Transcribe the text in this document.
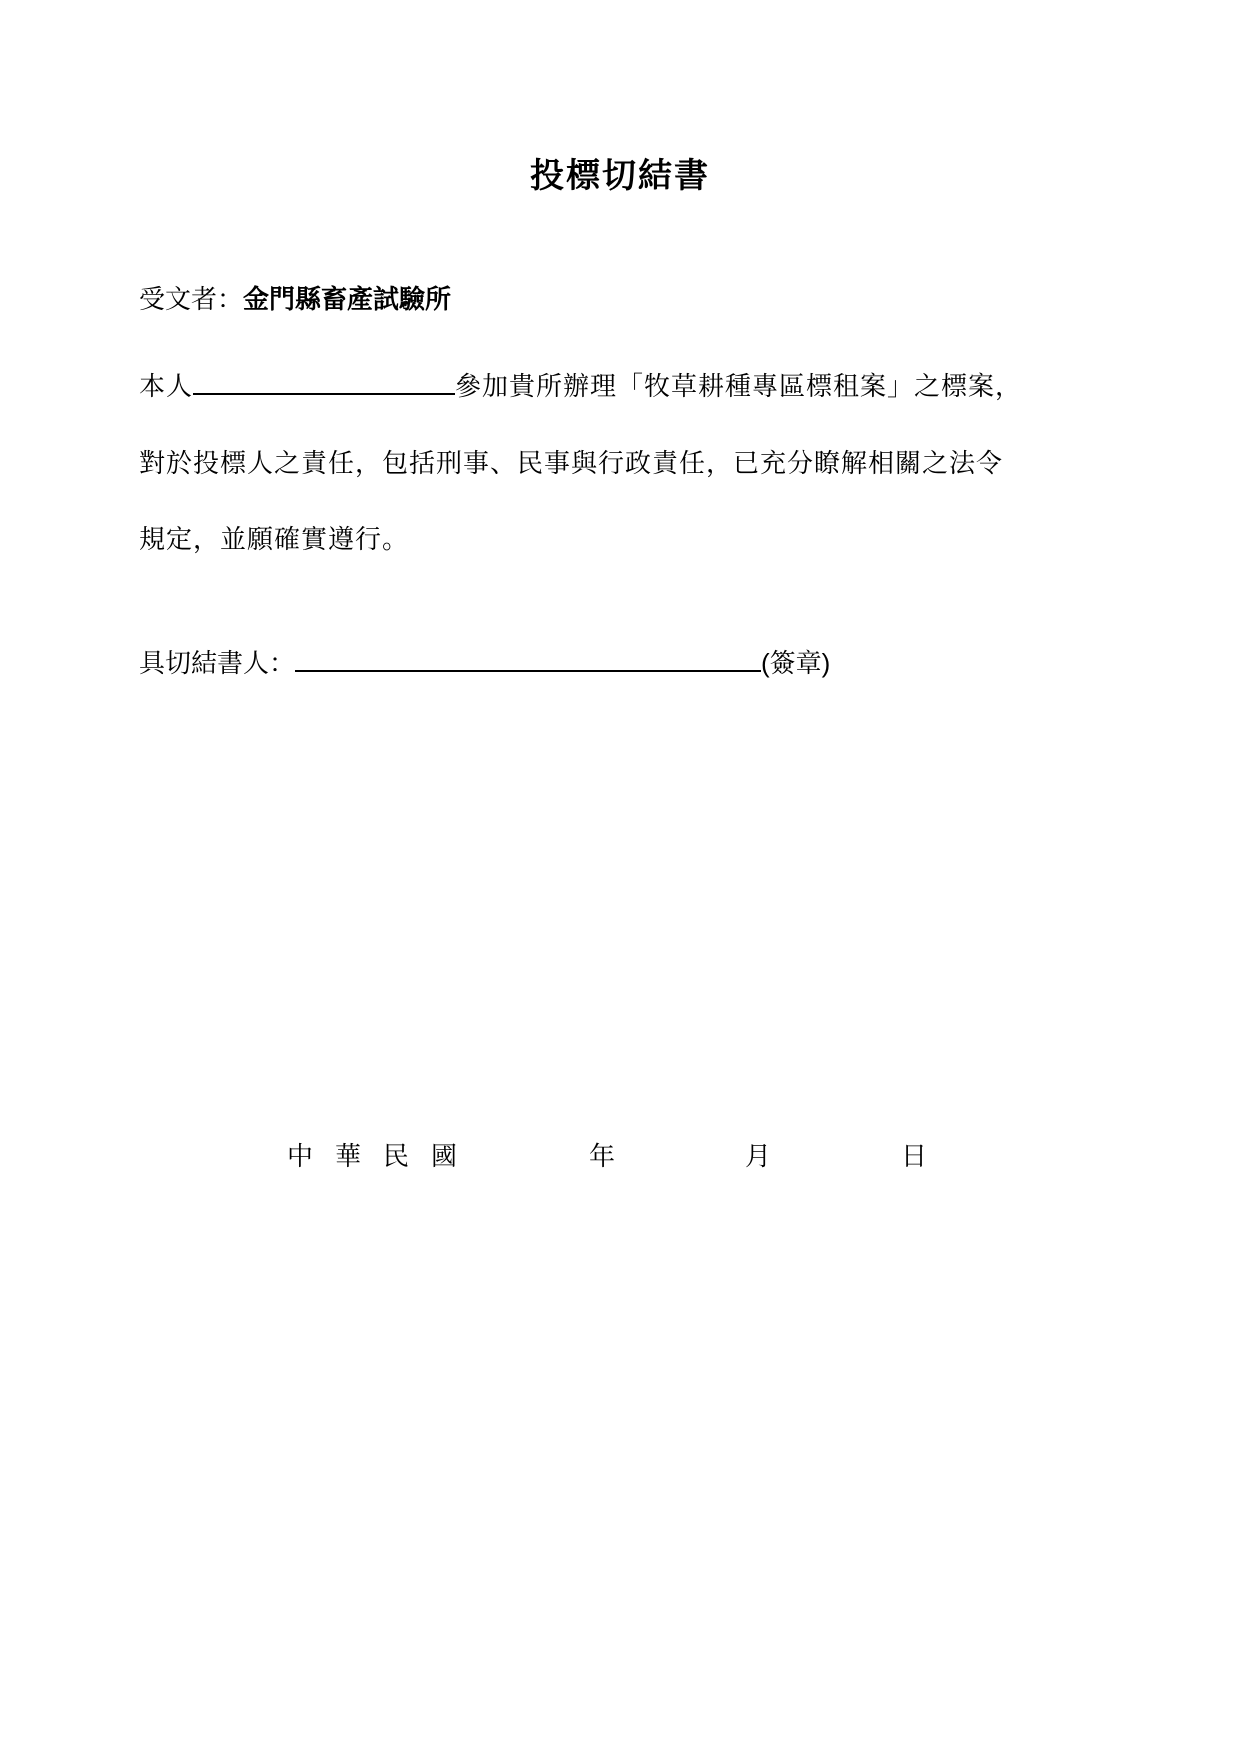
投標切結書
受文者：金門縣畜產試驗所
本人	參加貴所辦理「牧草耕種專區標租案」之標案，
對於投標人之責任，包括刑事、民事與行政責任，已充分瞭解相關之法令
規定，並願確實遵行。
具切結書人：	(簽章)
中華民國	年	月	日
